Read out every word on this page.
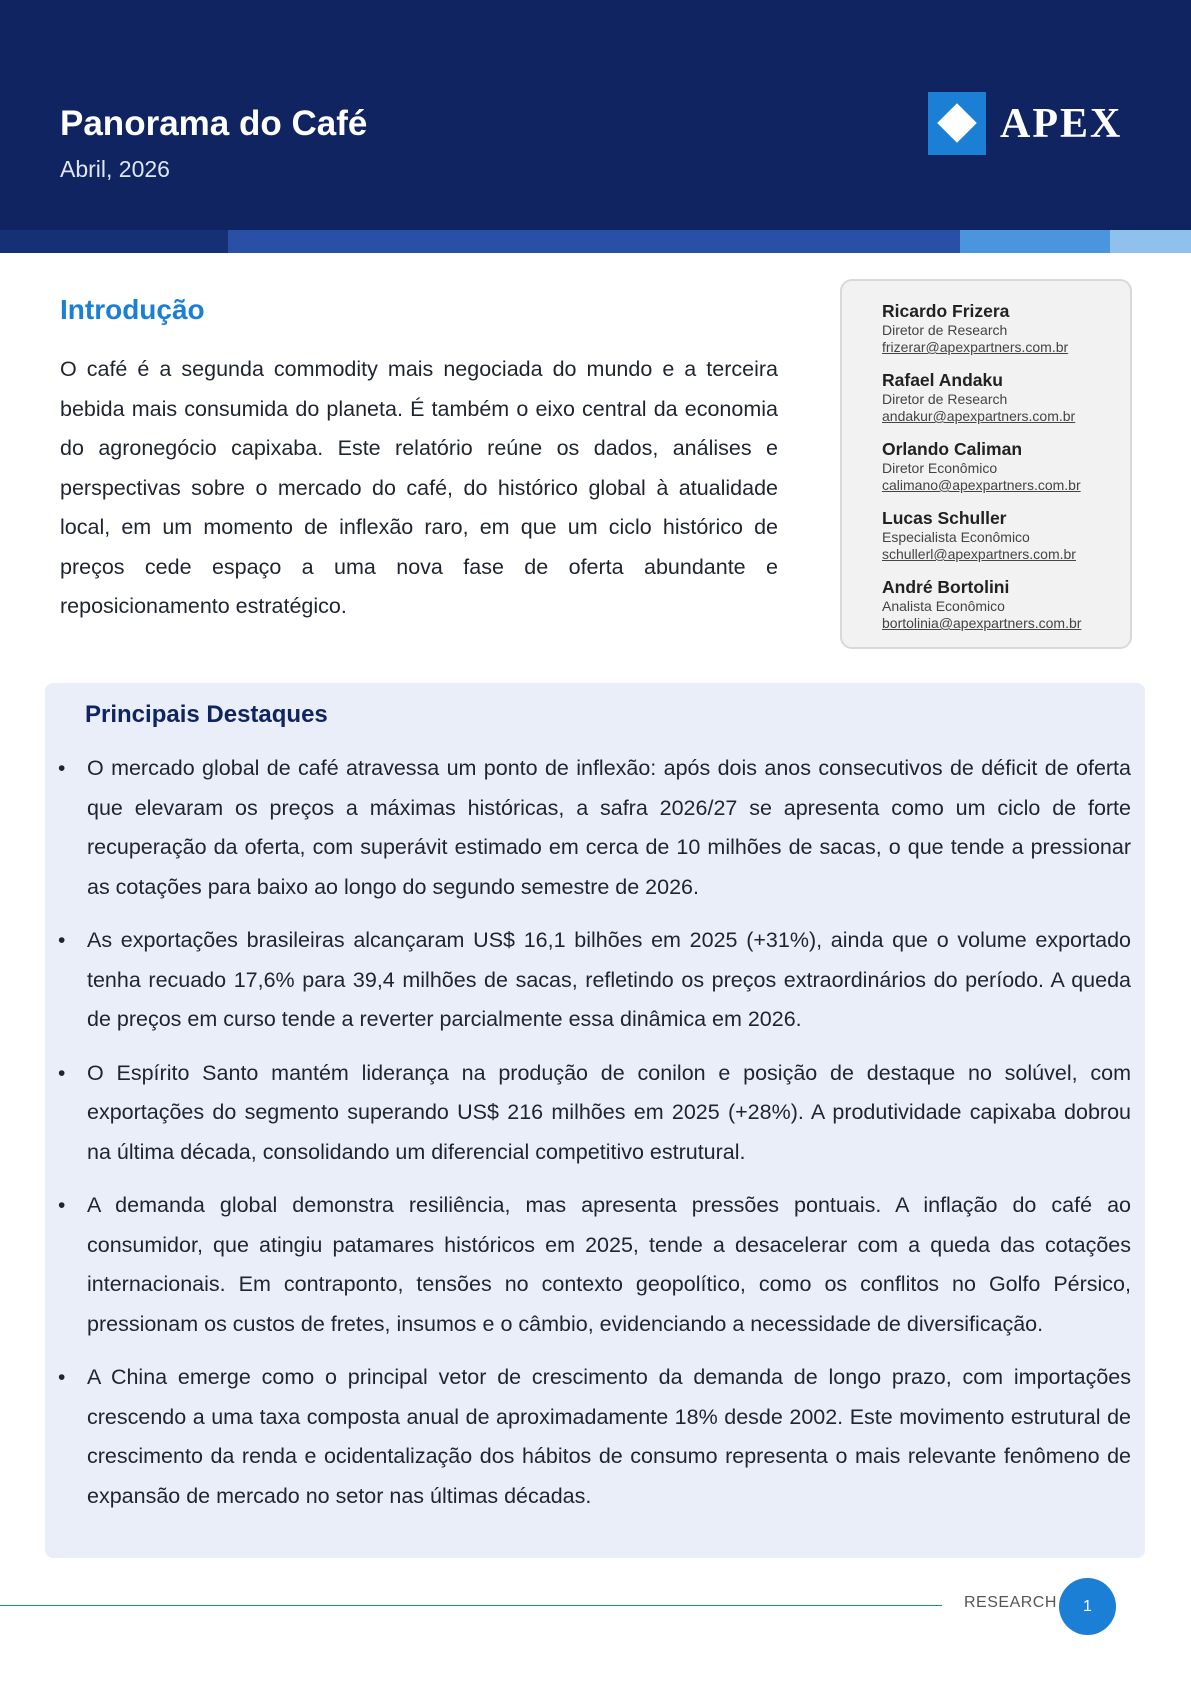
Panorama do Café
Abril, 2026
APEX
Introdução

O café é a segunda commodity mais negociada do mundo e a terceira bebida mais consumida do planeta. É também o eixo central da economia do agronegócio capixaba. Este relatório reúne os dados, análises e perspectivas sobre o mercado do café, do histórico global à atualidade local, em um momento de inflexão raro, em que um ciclo histórico de preços cede espaço a uma nova fase de oferta abundante e reposicionamento estratégico.

Ricardo Frizera
Diretor de Research
frizerar@apexpartners.com.br
Rafael Andaku
Diretor de Research
andakur@apexpartners.com.br
Orlando Caliman
Diretor Econômico
calimano@apexpartners.com.br
Lucas Schuller
Especialista Econômico
schullerl@apexpartners.com.br
André Bortolini
Analista Econômico
bortolinia@apexpartners.com.br
Principais Destaques
• O mercado global de café atravessa um ponto de inflexão: após dois anos consecutivos de déficit de oferta que elevaram os preços a máximas históricas, a safra 2026/27 se apresenta como um ciclo de forte recuperação da oferta, com superávit estimado em cerca de 10 milhões de sacas, o que tende a pressionar as cotações para baixo ao longo do segundo semestre de 2026.

• As exportações brasileiras alcançaram US$ 16,1 bilhões em 2025 (+31%), ainda que o volume exportado tenha recuado 17,6% para 39,4 milhões de sacas, refletindo os preços extraordinários do período. A queda de preços em curso tende a reverter parcialmente essa dinâmica em 2026.

• O Espírito Santo mantém liderança na produção de conilon e posição de destaque no solúvel, com exportações do segmento superando US$ 216 milhões em 2025 (+28%). A produtividade capixaba dobrou na última década, consolidando um diferencial competitivo estrutural.

• A demanda global demonstra resiliência, mas apresenta pressões pontuais. A inflação do café ao consumidor, que atingiu patamares históricos em 2025, tende a desacelerar com a queda das cotações internacionais. Em contraponto, tensões no contexto geopolítico, como os conflitos no Golfo Pérsico, pressionam os custos de fretes, insumos e o câmbio, evidenciando a necessidade de diversificação.

• A China emerge como o principal vetor de crescimento da demanda de longo prazo, com importações crescendo a uma taxa composta anual de aproximadamente 18% desde 2002. Este movimento estrutural de crescimento da renda e ocidentalização dos hábitos de consumo representa o mais relevante fenômeno de expansão de mercado no setor nas últimas décadas.

RESEARCH	1
